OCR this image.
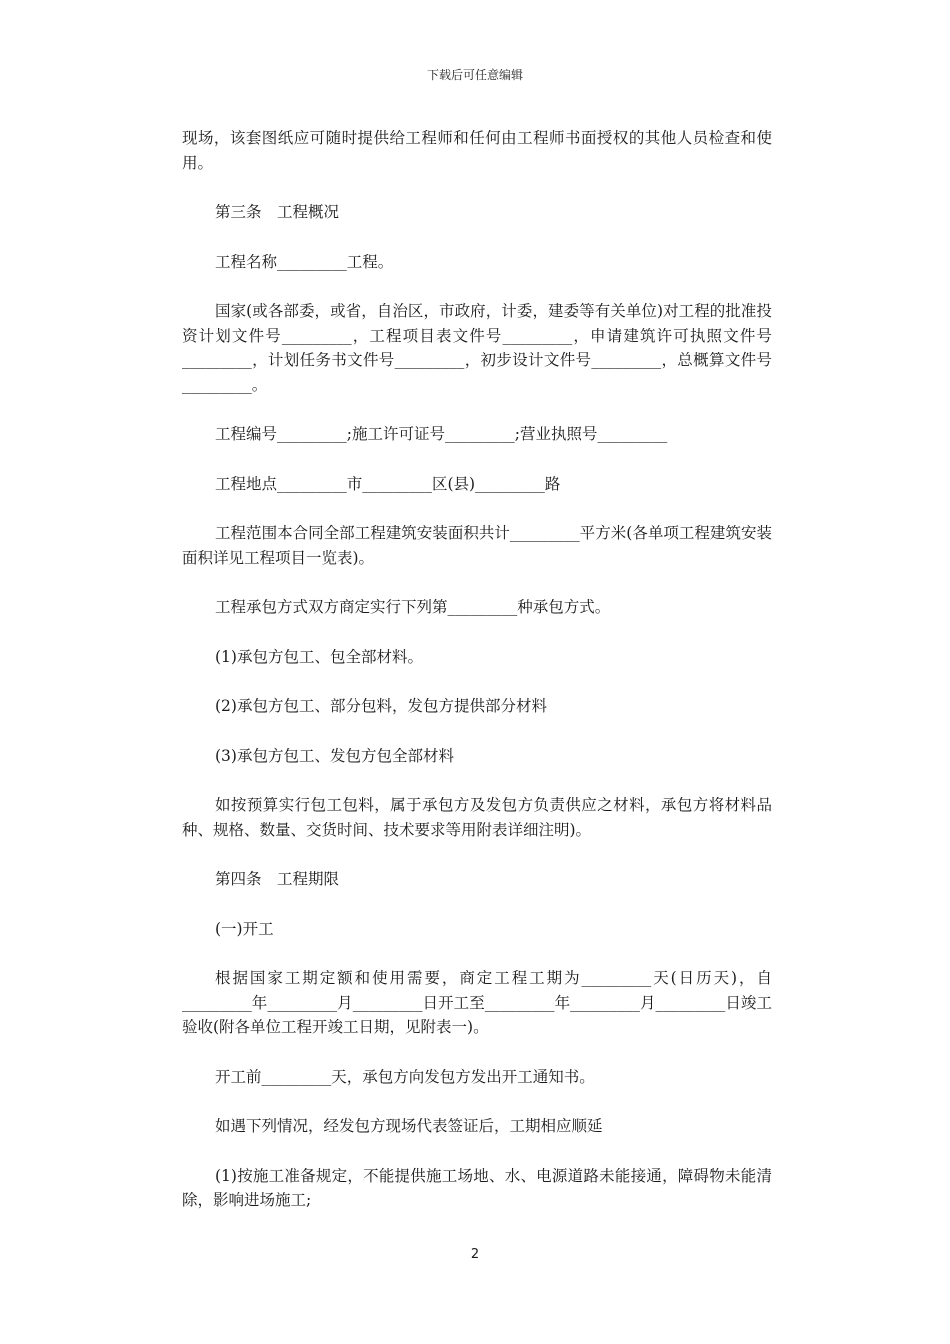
下载后可任意编辑

现场，该套图纸应可随时提供给工程师和任何由工程师书面授权的其他人员检查和使用。

第三条　工程概况

工程名称_________工程。

国家(或各部委，或省，自治区，市政府，计委，建委等有关单位)对工程的批准投资计划文件号_________，工程项目表文件号_________，申请建筑许可执照文件号_________，计划任务书文件号_________，初步设计文件号_________，总概算文件号_________。

工程编号_________;施工许可证号_________;营业执照号_________

工程地点_________市_________区(县)_________路

工程范围本合同全部工程建筑安装面积共计_________平方米(各单项工程建筑安装面积详见工程项目一览表)。

工程承包方式双方商定实行下列第_________种承包方式。

(1)承包方包工、包全部材料。

(2)承包方包工、部分包料，发包方提供部分材料

(3)承包方包工、发包方包全部材料

如按预算实行包工包料，属于承包方及发包方负责供应之材料，承包方将材料品种、规格、数量、交货时间、技术要求等用附表详细注明)。

第四条　工程期限

(一)开工

根据国家工期定额和使用需要，商定工程工期为_________天(日历天)，自_________年_________月_________日开工至_________年_________月_________日竣工验收(附各单位工程开竣工日期，见附表一)。

开工前_________天，承包方向发包方发出开工通知书。

如遇下列情况，经发包方现场代表签证后，工期相应顺延

(1)按施工准备规定，不能提供施工场地、水、电源道路未能接通，障碍物未能清除，影响进场施工;

2
